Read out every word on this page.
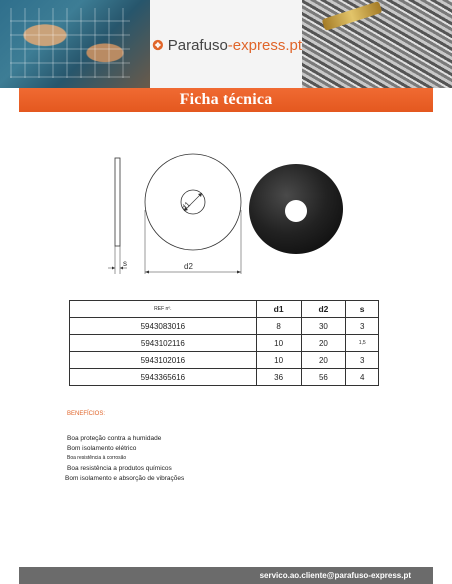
Parafuso-express.pt
Ficha técnica
s
d1
d2
REF nº.	d1	d2	s
5943083016	8	30	3
5943102116	10	20	1,5
5943102016	10	20	3
5943365616	36	56	4
BENEFÍCIOS:
Boa proteção contra a humidade
Bom isolamento elétrico
Boa resistência à corrosão
Boa resistência a produtos químicos
Bom isolamento e absorção de vibrações
servico.ao.cliente@parafuso-express.pt
